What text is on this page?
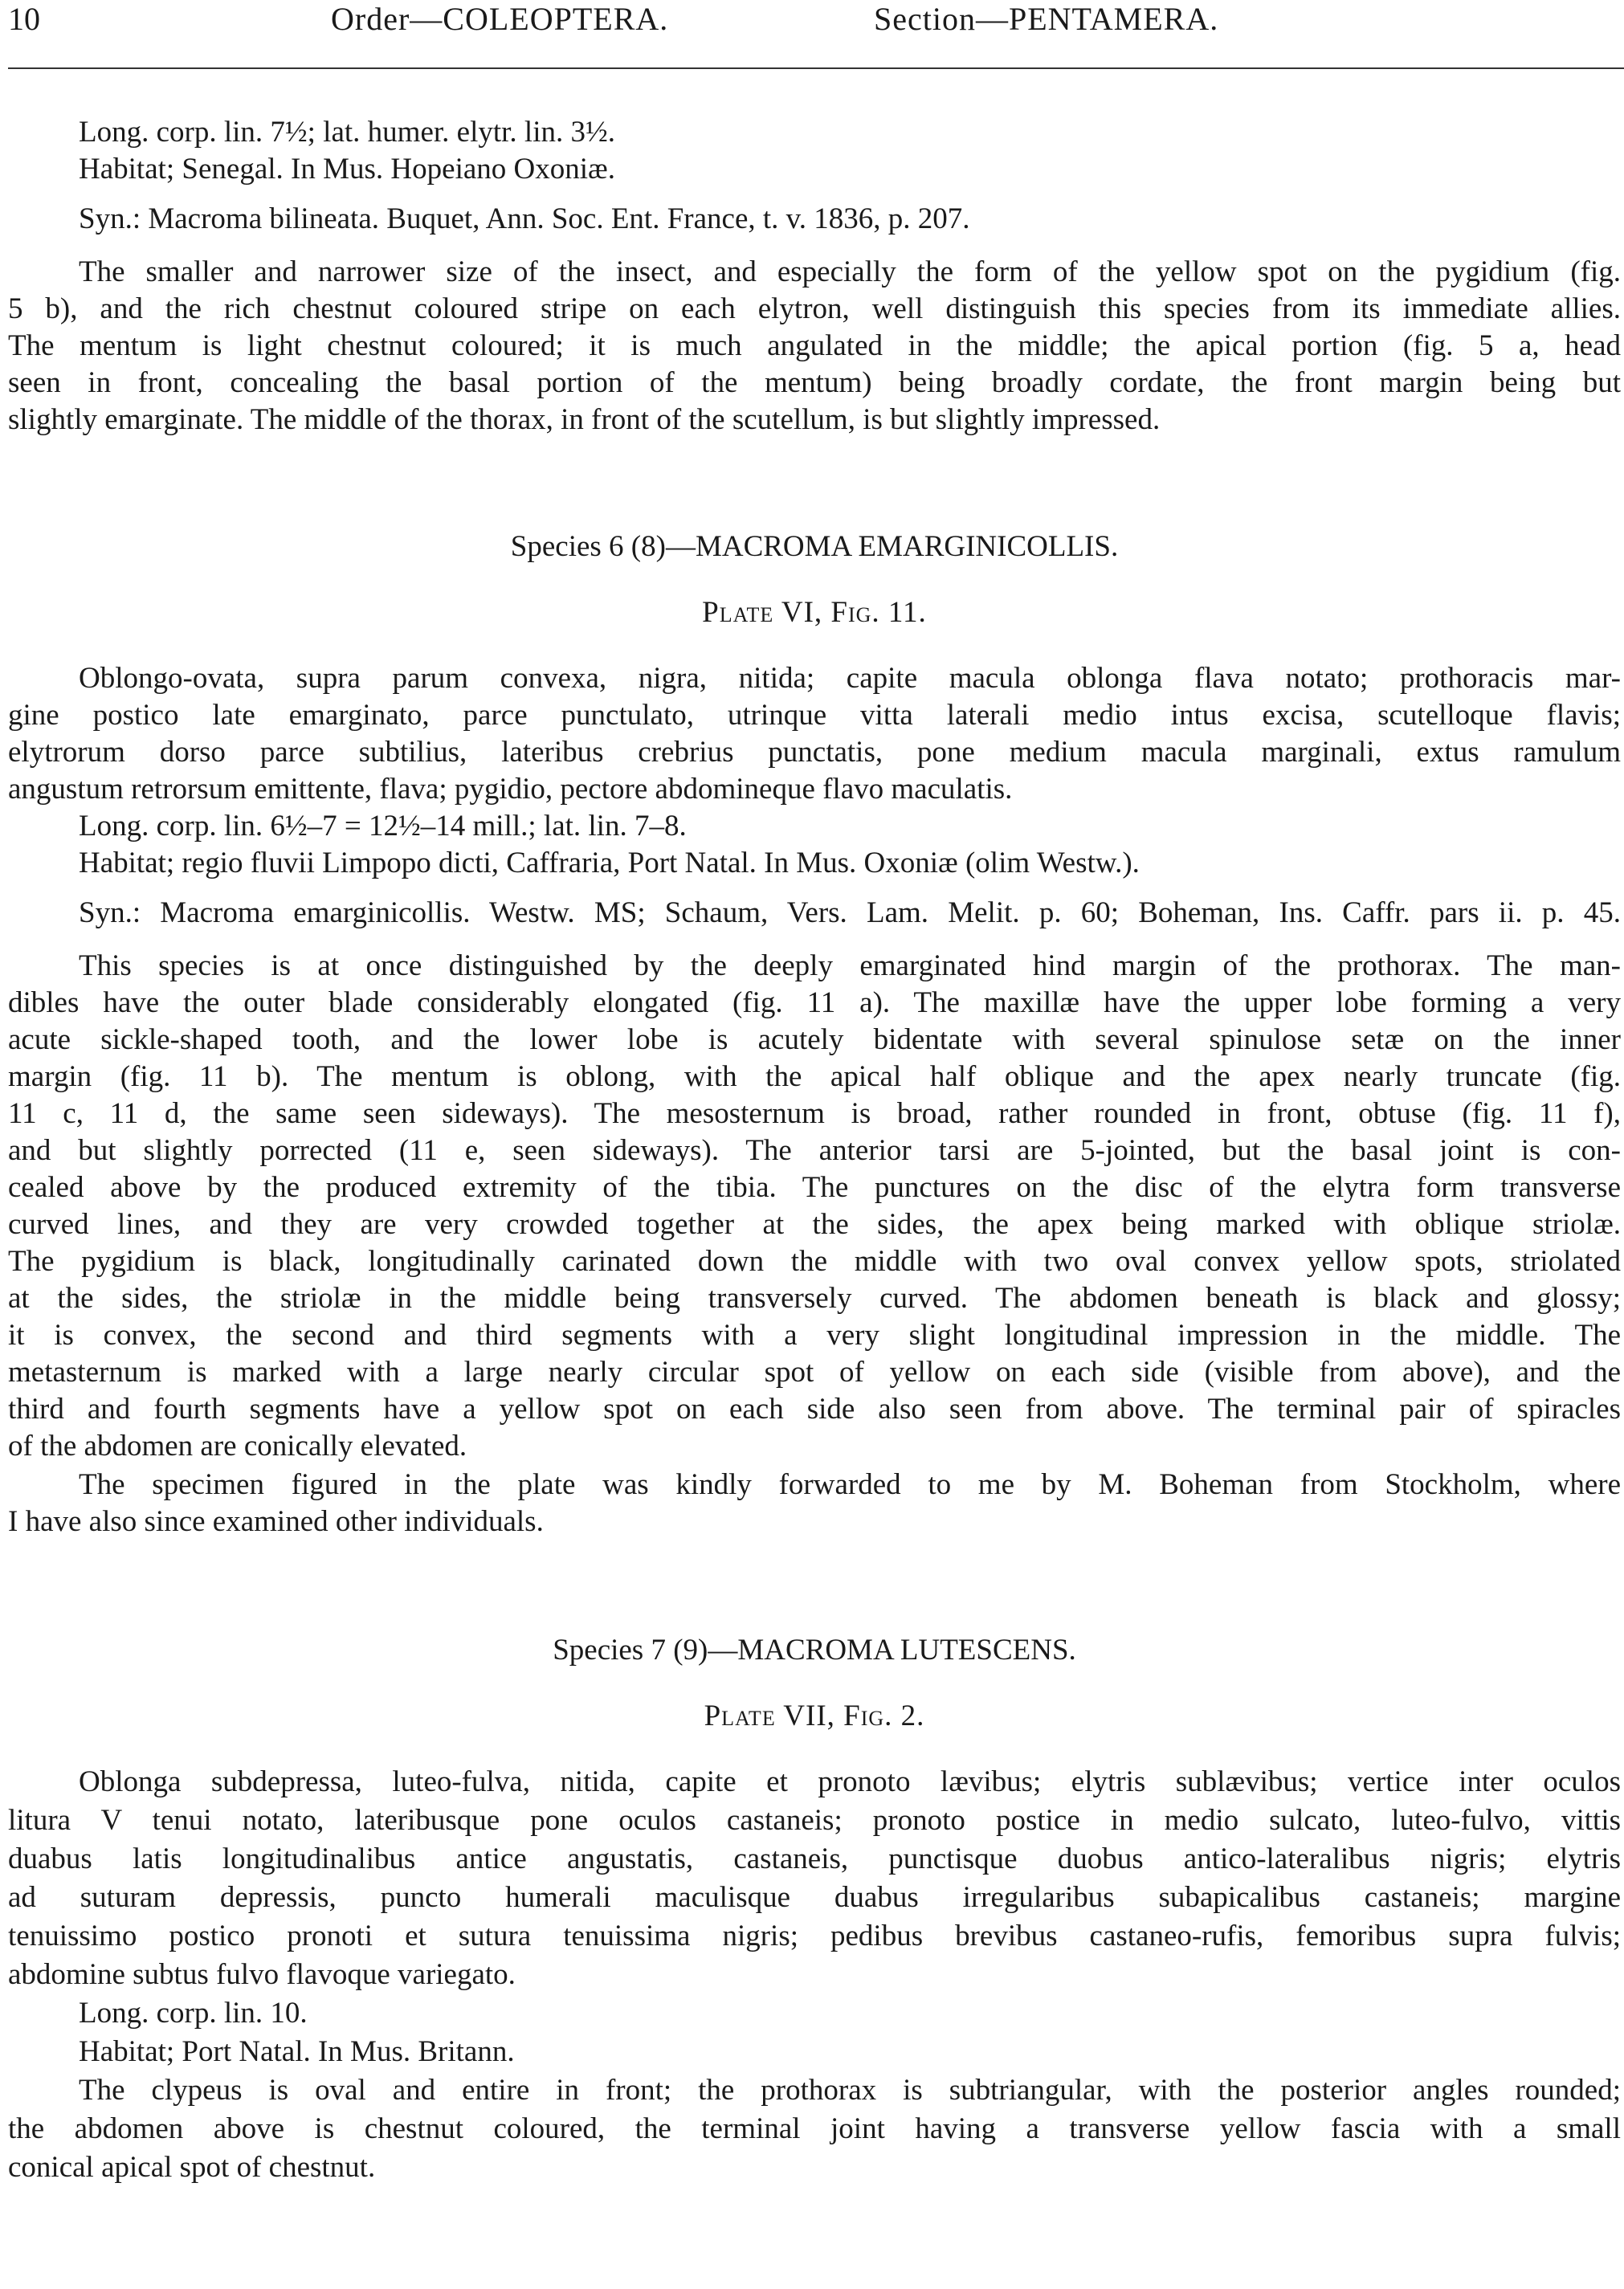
10	Order—COLEOPTERA.	Section—PENTAMERA.
Long. corp. lin. 7½; lat. humer. elytr. lin. 3½.
Habitat; Senegal. In Mus. Hopeiano Oxoniæ.
Syn.: Macroma bilineata. Buquet, Ann. Soc. Ent. France, t. v. 1836, p. 207.
The smaller and narrower size of the insect, and especially the form of the yellow spot on the pygidium (fig.
5 b), and the rich chestnut coloured stripe on each elytron, well distinguish this species from its immediate allies.
The mentum is light chestnut coloured; it is much angulated in the middle; the apical portion (fig. 5 a, head
seen in front, concealing the basal portion of the mentum) being broadly cordate, the front margin being but
slightly emarginate. The middle of the thorax, in front of the scutellum, is but slightly impressed.
Species 6 (8)—MACROMA EMARGINICOLLIS.
Plate VI, Fig. 11.
Oblongo-ovata, supra parum convexa, nigra, nitida; capite macula oblonga flava notato; prothoracis mar-
gine postico late emarginato, parce punctulato, utrinque vitta laterali medio intus excisa, scutelloque flavis;
elytrorum dorso parce subtilius, lateribus crebrius punctatis, pone medium macula marginali, extus ramulum
angustum retrorsum emittente, flava; pygidio, pectore abdomineque flavo maculatis.
Long. corp. lin. 6½–7 = 12½–14 mill.; lat. lin. 7–8.
Habitat; regio fluvii Limpopo dicti, Caffraria, Port Natal. In Mus. Oxoniæ (olim Westw.).
Syn.: Macroma emarginicollis. Westw. MS; Schaum, Vers. Lam. Melit. p. 60; Boheman, Ins. Caffr. pars ii. p. 45.
This species is at once distinguished by the deeply emarginated hind margin of the prothorax. The man-
dibles have the outer blade considerably elongated (fig. 11 a). The maxillæ have the upper lobe forming a very
acute sickle-shaped tooth, and the lower lobe is acutely bidentate with several spinulose setæ on the inner
margin (fig. 11 b). The mentum is oblong, with the apical half oblique and the apex nearly truncate (fig.
11 c, 11 d, the same seen sideways). The mesosternum is broad, rather rounded in front, obtuse (fig. 11 f),
and but slightly porrected (11 e, seen sideways). The anterior tarsi are 5-jointed, but the basal joint is con-
cealed above by the produced extremity of the tibia. The punctures on the disc of the elytra form transverse
curved lines, and they are very crowded together at the sides, the apex being marked with oblique striolæ.
The pygidium is black, longitudinally carinated down the middle with two oval convex yellow spots, striolated
at the sides, the striolæ in the middle being transversely curved. The abdomen beneath is black and glossy;
it is convex, the second and third segments with a very slight longitudinal impression in the middle. The
metasternum is marked with a large nearly circular spot of yellow on each side (visible from above), and the
third and fourth segments have a yellow spot on each side also seen from above. The terminal pair of spiracles
of the abdomen are conically elevated.
The specimen figured in the plate was kindly forwarded to me by M. Boheman from Stockholm, where
I have also since examined other individuals.
Species 7 (9)—MACROMA LUTESCENS.
Plate VII, Fig. 2.
Oblonga subdepressa, luteo-fulva, nitida, capite et pronoto lævibus; elytris sublævibus; vertice inter oculos
litura V tenui notato, lateribusque pone oculos castaneis; pronoto postice in medio sulcato, luteo-fulvo, vittis
duabus latis longitudinalibus antice angustatis, castaneis, punctisque duobus antico-lateralibus nigris; elytris
ad suturam depressis, puncto humerali maculisque duabus irregularibus subapicalibus castaneis; margine
tenuissimo postico pronoti et sutura tenuissima nigris; pedibus brevibus castaneo-rufis, femoribus supra fulvis;
abdomine subtus fulvo flavoque variegato.
Long. corp. lin. 10.
Habitat; Port Natal. In Mus. Britann.
The clypeus is oval and entire in front; the prothorax is subtriangular, with the posterior angles rounded;
the abdomen above is chestnut coloured, the terminal joint having a transverse yellow fascia with a small
conical apical spot of chestnut.
